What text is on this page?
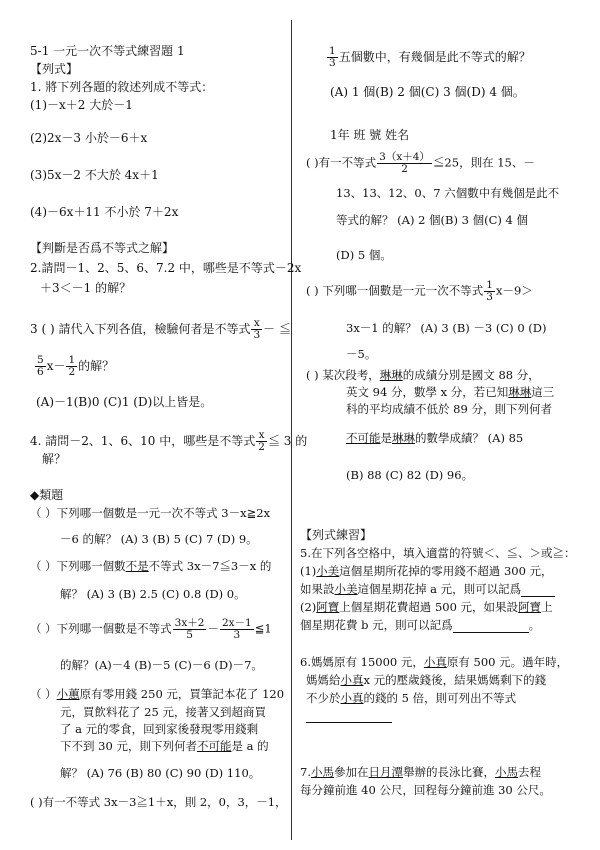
5-1 一元一次不等式練習題 1
【列式】
1. 將下列各題的敘述列成不等式：
(1)－x＋2 大於－1
(2)2x－3 小於－6＋x
(3)5x－2 不大於 4x＋1
(4)－6x＋11 不小於 7＋2x
【判斷是否爲不等式之解】
2.請問－1、2、5、6、7.2 中，哪些是不等式－2x
＋3＜－1 的解？
3 ( ) 請代入下列各值，檢驗何者是不等式 $\frac{x}{3}$ － ≦
$\frac{5}{6} x- \frac{1}{2}$ 的解？
(A)－1(B)0 (C)1 (D)以上皆是。
4. 請問－2、1、6、10 中，哪些是不等式 $\frac{x}{2}$ ≦ 3 的
解？
◆類題
（ ）下列哪一個數是一元一次不等式 3－x≧2x
－6 的解？ (A) 3 (B) 5 (C) 7 (D) 9。
（ ）下列哪一個數不是不等式 3x－7≦3－x 的
解？ (A) 3 (B) 2.5 (C) 0.8 (D) 0。
（ ）下列哪一個數是不等式 $\frac{3x+2}{5} - \frac{2x-1}{3}$ ≦1
的解？(A)－4 (B)－5 (C)－6 (D)－7。
（ ）小蕙原有零用錢 250 元，買筆記本花了 120
元，買飲料花了 25 元，接著又到超商買
了 a 元的零食，回到家後發現零用錢剩
下不到 30 元，則下列何者不可能是 a 的
解？ (A) 76 (B) 80 (C) 90 (D) 110。
( )有一不等式 3x－3≧1＋x，則 2，0，3，－1，
$\frac{1}{3}$ 五個數中，有幾個是此不等式的解？
(A) 1 個(B) 2 個(C) 3 個(D) 4 個。
1年 班 號 姓名
( )有一不等式 $\frac{3(x+4)}{2}$ ≦25，則在 15、－
13、13、12、0、7 六個數中有幾個是此不
等式的解？ (A) 2 個(B) 3 個(C) 4 個
(D) 5 個。
( ) 下列哪一個數是一元一次不等式 $\frac{1}{3} x-9>$
3x－1 的解？ (A) 3 (B) －3 (C) 0 (D)
－5。
( ) 某次段考，琳琳的成績分別是國文 88 分，
英文 94 分，數學 x 分，若已知琳琳這三
科的平均成績不低於 89 分，則下列何者
不可能是琳琳的數學成績？ (A) 85
(B) 88 (C) 82 (D) 96。
【列式練習】
5.在下列各空格中，填入適當的符號＜、≦、＞或≧：
(1)小美這個星期所花掉的零用錢不超過 300 元，
如果設小美這個星期花掉 a 元，則可以記爲
(2)阿寶上個星期花費超過 500 元，如果設阿寶上
個星期花費 b 元，則可以記爲	。
6.媽媽原有 15000 元，小真原有 500 元。過年時，
媽媽給小真x 元的壓歲錢後，結果媽媽剩下的錢
不少於小真的錢的 5 倍，則可列出不等式
7.小馬參加在日月潭舉辦的長泳比賽，小馬去程
每分鐘前進 40 公尺，回程每分鐘前進 30 公尺。
